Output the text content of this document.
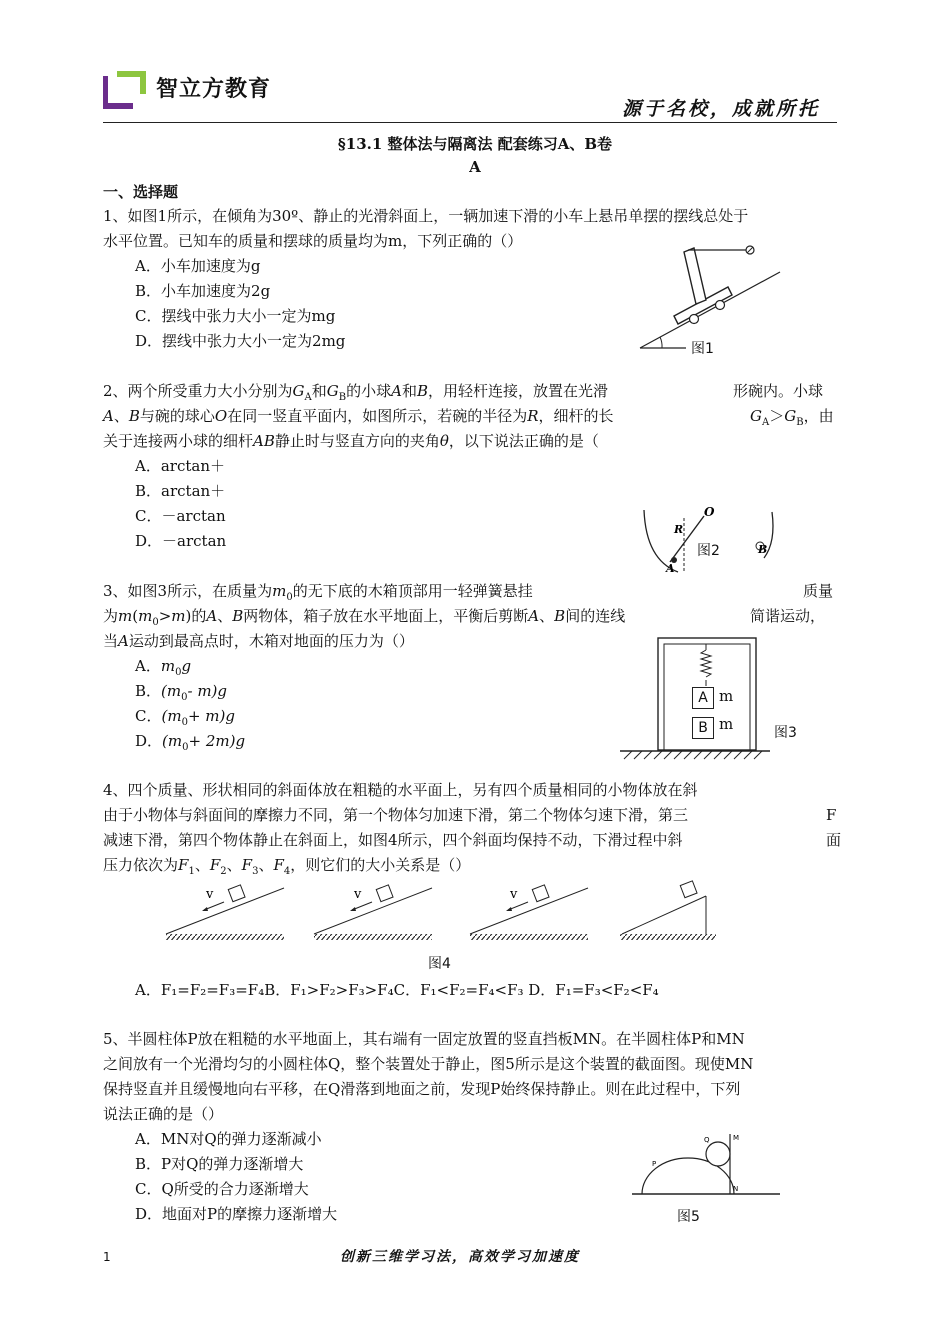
智立方教育
源于名校，成就所托
§13.1 整体法与隔离法 配套练习A、B卷
A
一、选择题
1、如图1所示，在倾角为30º、静止的光滑斜面上，一辆加速下滑的小车上悬吊单摆的摆线总处于
水平位置。已知车的质量和摆球的质量均为m，下列正确的（）
A．小车加速度为g
B．小车加速度为2g
C．摆线中张力大小一定为mg
D．摆线中张力大小一定为2mg	图1
2、两个所受重力大小分别为$G_A$和$G_B$的小球A和B，用轻杆连接，放置在光滑	形碗内。小球
A、B与碗的球心O在同一竖直平面内，如图所示，若碗的半径为R，细杆的长	$G_A>G_B$，由
关于连接两小球的细杆AB静止时与竖直方向的夹角θ，以下说法正确的是（
A．arctan＋
B．arctan＋
C．－arctan
D．－arctan
R
O
A
B
图2
3、如图3所示，在质量为$m_0$的无下底的木箱顶部用一轻弹簧悬挂	质量
为$m(m_0>m)$的A、B两物体，箱子放在水平地面上，平衡后剪断A、B间的连线	简谐运动，
当A运动到最高点时，木箱对地面的压力为（）
A．$m_0g$
B．($m_0-$ m)g
C．$(m_0+ m)g$
D．$(m_0+ 2m)g$
A
B
m
m	图3
4、四个质量、形状相同的斜面体放在粗糙的水平面上，另有四个质量相同的小物体放在斜
由于小物体与斜面间的摩擦力不同，第一个物体匀加速下滑，第二个物体匀速下滑，第三	F
减速下滑，第四个物体静止在斜面上，如图4所示，四个斜面均保持不动，下滑过程中斜	面
压力依次为$F_1$、$F_2$、$F_3$、$F_4$，则它们的大小关系是（）
v	v	v
图4
A．F₁=F₂=F₃=F₄B．F₁>F₂>F₃>F₄C．F₁<F₂=F₄<F₃ D．F₁=F₃<F₂<F₄
5、半圆柱体P放在粗糙的水平地面上，其右端有一固定放置的竖直挡板MN。在半圆柱体P和MN
之间放有一个光滑均匀的小圆柱体Q，整个装置处于静止，图5所示是这个装置的截面图。现使MN
保持竖直并且缓慢地向右平移，在Q滑落到地面之前，发现P始终保持静止。则在此过程中，下列
说法正确的是（）
A．MN对Q的弹力逐渐减小
B．P对Q的弹力逐渐增大
C．Q所受的合力逐渐增大
D．地面对P的摩擦力逐渐增大
P
Q	M
N
图5
1	创新三维学习法，高效学习加速度
